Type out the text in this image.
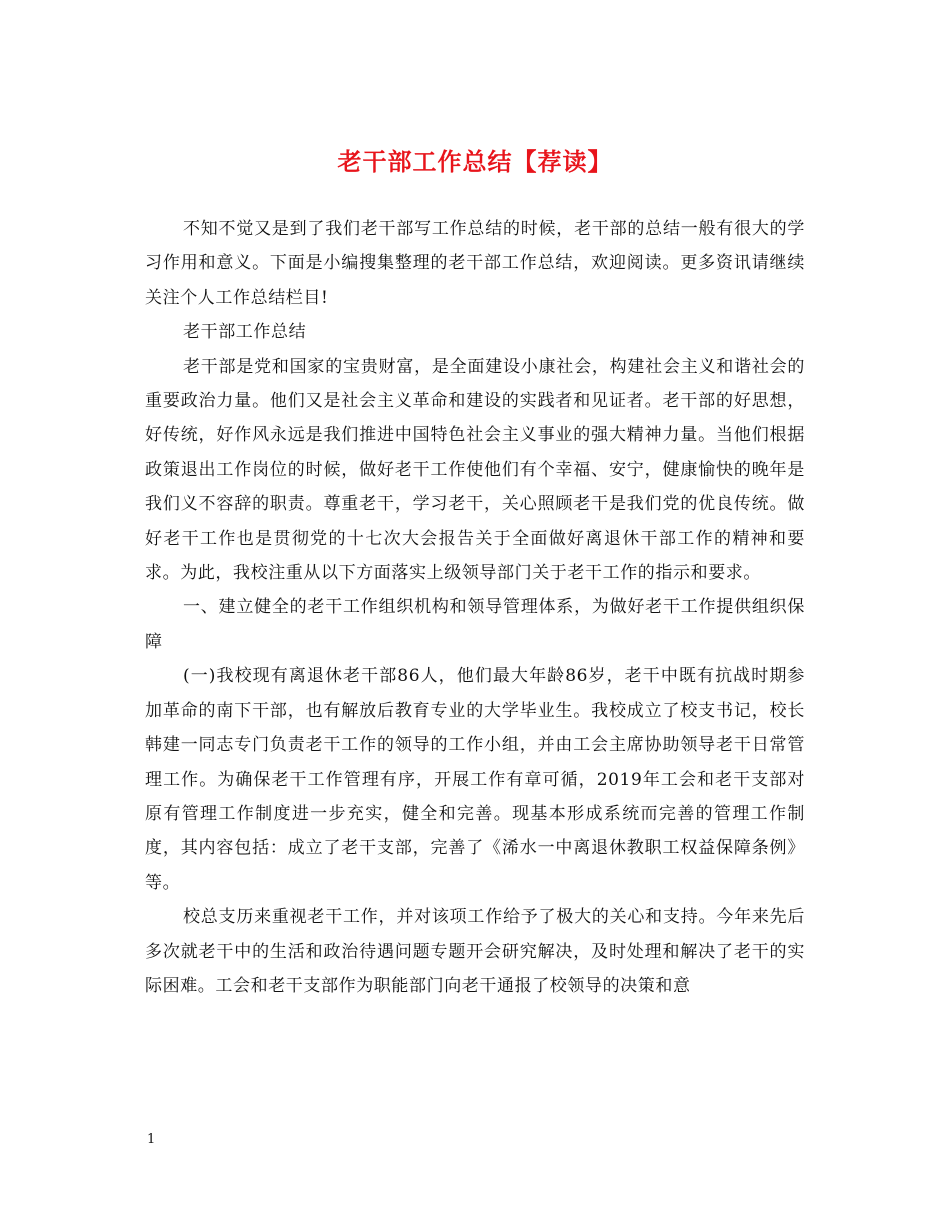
老干部工作总结【荐读】

不知不觉又是到了我们老干部写工作总结的时候，老干部的总结一般有很大的学习作用和意义。下面是小编搜集整理的老干部工作总结，欢迎阅读。更多资讯请继续关注个人工作总结栏目!

老干部工作总结

老干部是党和国家的宝贵财富，是全面建设小康社会，构建社会主义和谐社会的重要政治力量。他们又是社会主义革命和建设的实践者和见证者。老干部的好思想，好传统，好作风永远是我们推进中国特色社会主义事业的强大精神力量。当他们根据政策退出工作岗位的时候，做好老干工作使他们有个幸福、安宁，健康愉快的晚年是我们义不容辞的职责。尊重老干，学习老干，关心照顾老干是我们党的优良传统。做好老干工作也是贯彻党的十七次大会报告关于全面做好离退休干部工作的精神和要求。为此，我校注重从以下方面落实上级领导部门关于老干工作的指示和要求。

一、建立健全的老干工作组织机构和领导管理体系，为做好老干工作提供组织保障

(一)我校现有离退休老干部86人，他们最大年龄86岁，老干中既有抗战时期参加革命的南下干部，也有解放后教育专业的大学毕业生。我校成立了校支书记，校长韩建一同志专门负责老干工作的领导的工作小组，并由工会主席协助领导老干日常管理工作。为确保老干工作管理有序，开展工作有章可循，2019年工会和老干支部对原有管理工作制度进一步充实，健全和完善。现基本形成系统而完善的管理工作制度，其内容包括：成立了老干支部，完善了《浠水一中离退休教职工权益保障条例》等。

校总支历来重视老干工作，并对该项工作给予了极大的关心和支持。今年来先后多次就老干中的生活和政治待遇问题专题开会研究解决，及时处理和解决了老干的实际困难。工会和老干支部作为职能部门向老干通报了校领导的决策和意

1
